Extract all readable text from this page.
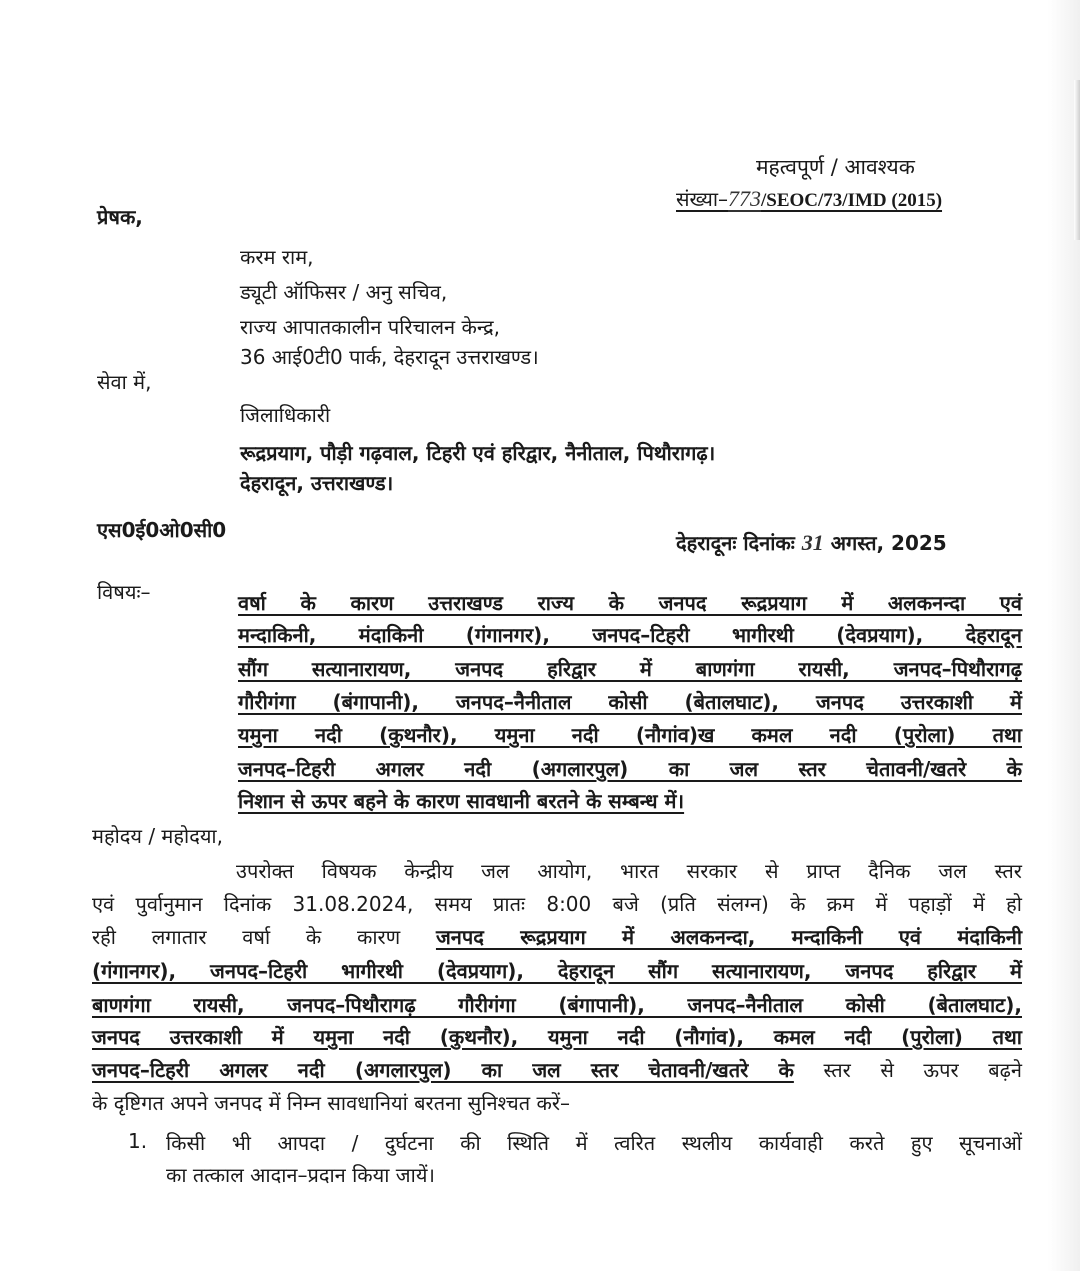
महत्वपूर्ण / आवश्यक
संख्या–773/SEOC/73/IMD (2015)
प्रेषक,
करम राम,
ड्यूटी ऑफिसर / अनु सचिव,
राज्य आपातकालीन परिचालन केन्द्र,
36 आई0टी0 पार्क, देहरादून उत्तराखण्ड।
सेवा में,
जिलाधिकारी
रूद्रप्रयाग, पौड़ी गढ़वाल, टिहरी एवं हरिद्वार, नैनीताल, पिथौरागढ़।
देहरादून, उत्तराखण्ड।
एस0ई0ओ0सी0
देहरादूनः दिनांकः 31 अगस्त, 2025
विषयः–	वर्षा के कारण उत्तराखण्ड राज्य के जनपद रूद्रप्रयाग में अलकनन्दा एवं
मन्दाकिनी, मंदाकिनी (गंगानगर), जनपद–टिहरी भागीरथी (देवप्रयाग), देहरादून
सौंग सत्यानारायण, जनपद हरिद्वार में बाणगंगा रायसी, जनपद–पिथौरागढ़
गौरीगंगा (बंगापानी), जनपद–नैनीताल कोसी (बेतालघाट), जनपद उत्तरकाशी में
यमुना नदी (कुथनौर), यमुना नदी (नौगांव)ख कमल नदी (पुरोला) तथा
जनपद–टिहरी अगलर नदी (अगलारपुल) का जल स्तर चेतावनी/खतरे के
निशान से ऊपर बहने के कारण सावधानी बरतने के सम्बन्ध में।
महोदय / महोदया,
उपरोक्त विषयक केन्द्रीय जल आयोग, भारत सरकार से प्राप्त दैनिक जल स्तर
एवं पुर्वानुमान दिनांक 31.08.2024, समय प्रातः 8:00 बजे (प्रति संलग्न) के क्रम में पहाड़ों में हो
रही लगातार वर्षा के कारण जनपद रूद्रप्रयाग में अलकनन्दा, मन्दाकिनी एवं मंदाकिनी
(गंगानगर), जनपद–टिहरी भागीरथी (देवप्रयाग), देहरादून सौंग सत्यानारायण, जनपद हरिद्वार में
बाणगंगा रायसी, जनपद–पिथौरागढ़ गौरीगंगा (बंगापानी), जनपद–नैनीताल कोसी (बेतालघाट),
जनपद उत्तरकाशी में यमुना नदी (कुथनौर), यमुना नदी (नौगांव), कमल नदी (पुरोला) तथा
जनपद–टिहरी अगलर नदी (अगलारपुल) का जल स्तर चेतावनी/खतरे के स्तर से ऊपर बढ़ने
के दृष्टिगत अपने जनपद में निम्न सावधानियां बरतना सुनिश्चत करें–
1. किसी भी आपदा / दुर्घटना की स्थिति में त्वरित स्थलीय कार्यवाही करते हुए सूचनाओं
का तत्काल आदान–प्रदान किया जायें।
